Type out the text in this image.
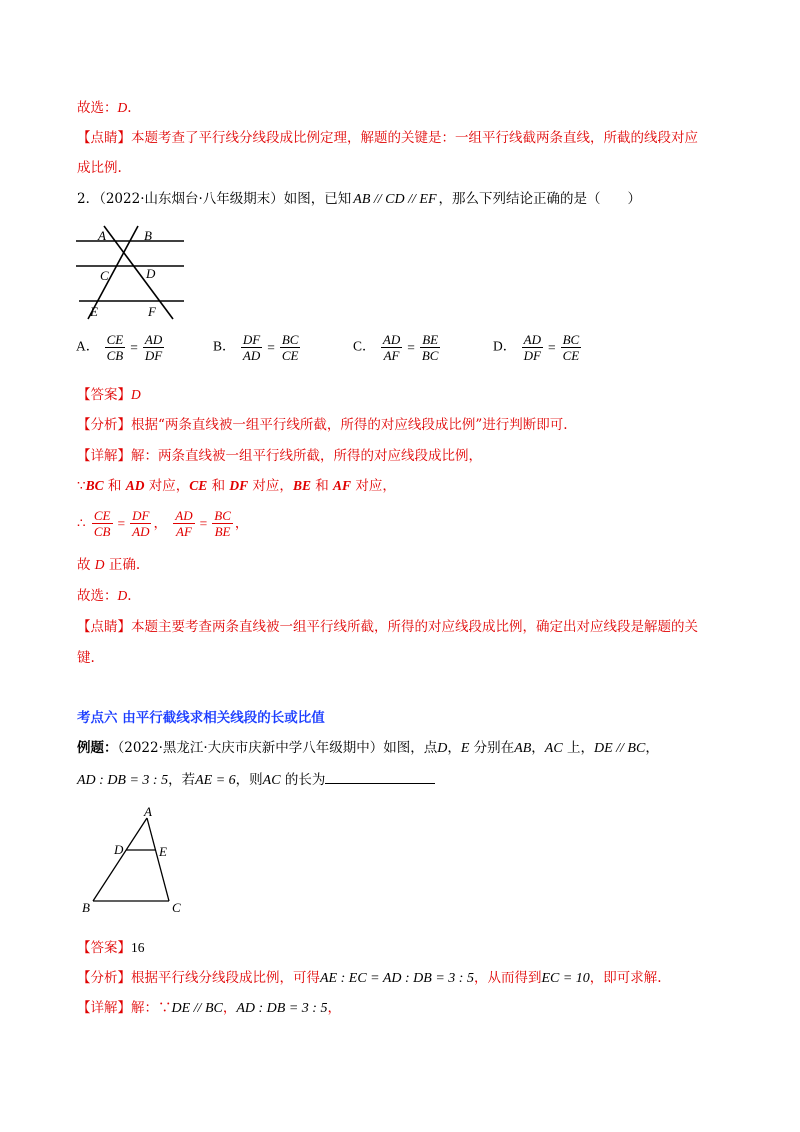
故选：D.
【点睛】本题考查了平行线分线段成比例定理，解题的关键是：一组平行线截两条直线，所截的线段对应
成比例.
2．（2022·山东烟台·八年级期末）如图，已知 AB // CD // EF ，那么下列结论正确的是（　　）
A	B
C	D
E	F
A． $\frac{CE}{CB} = \frac{AD}{DF}$	B． $\frac{DF}{AD} = \frac{BC}{CE}$	C． $\frac{AD}{AF} = \frac{BE}{BC}$	D． $\frac{AD}{DF} = \frac{BC}{CE}$
【答案】D
【分析】根据“两条直线被一组平行线所截，所得的对应线段成比例”进行判断即可.
【详解】解：两条直线被一组平行线所截，所得的对应线段成比例，
∵BC 和 AD 对应，CE 和 DF 对应，BE 和 AF 对应，
∴ $\frac{CE}{CB} = \frac{DF}{AD}$ ， $\frac{AD}{AF} = \frac{BC}{BE}$ ，
故 D 正确.
故选：D.
【点睛】本题主要考查两条直线被一组平行线所截，所得的对应线段成比例，确定出对应线段是解题的关
键.
考点六 由平行截线求相关线段的长或比值
例题：（2022·黑龙江·大庆市庆新中学八年级期中）如图，点D，E 分别在AB，AC 上，DE // BC，
AD : DB = 3 : 5，若AE = 6，则AC 的长为
A
D	E
B	C
【答案】16
【分析】根据平行线分线段成比例，可得AE : EC = AD : DB = 3 : 5，从而得到EC = 10，即可求解.
【详解】解：∵DE // BC，AD : DB = 3 : 5，
